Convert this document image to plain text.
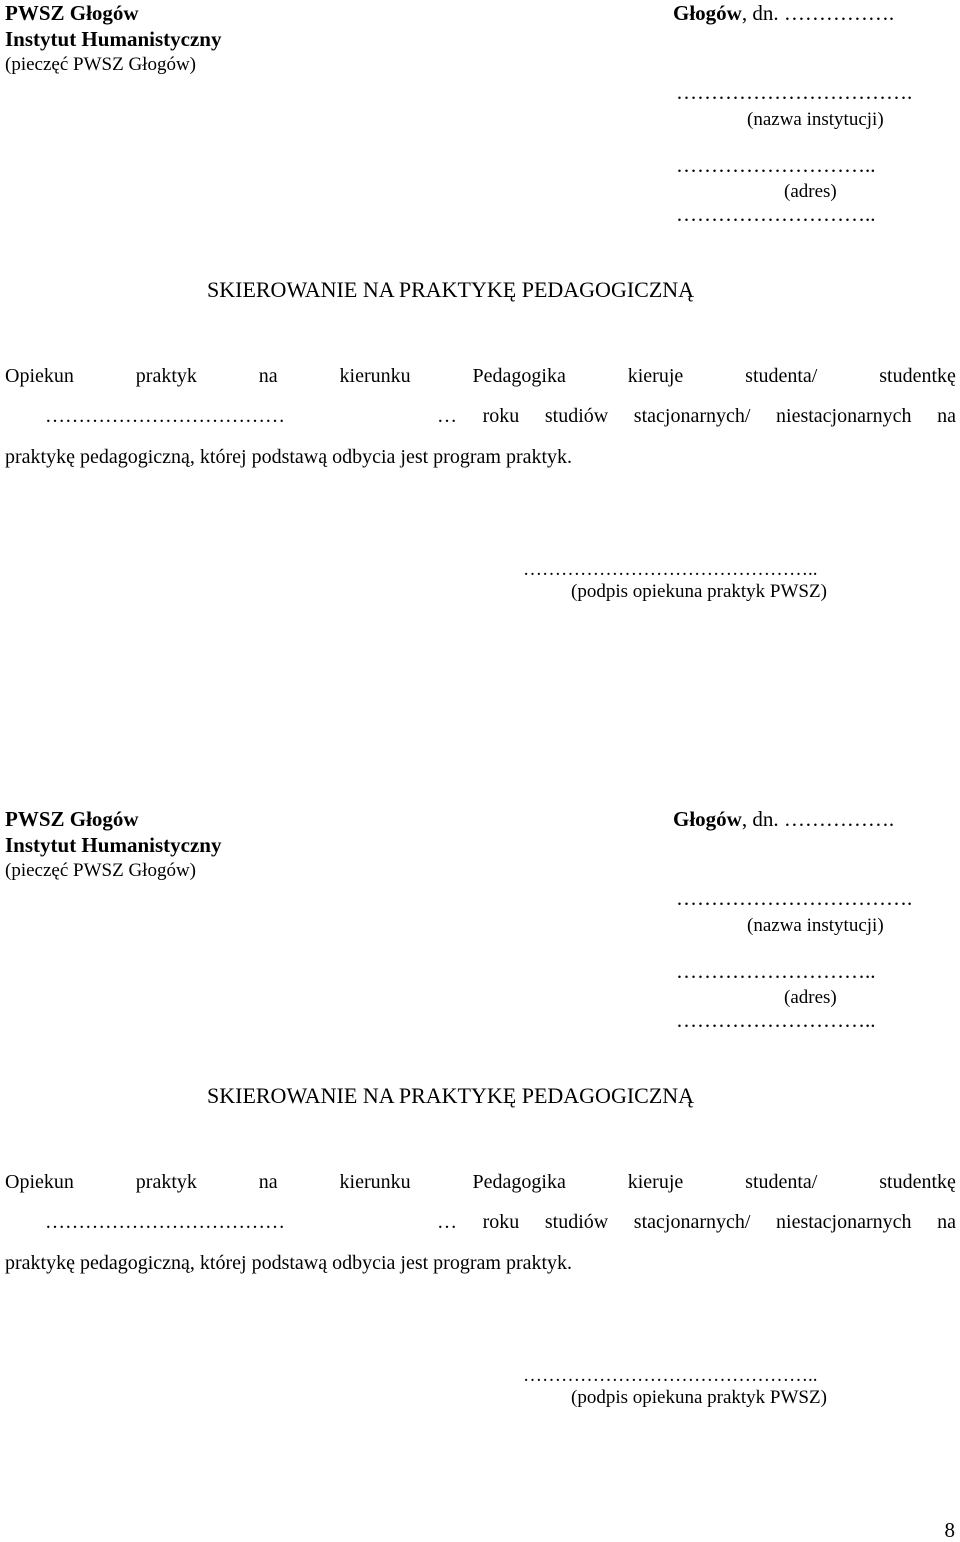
PWSZ Głogów
Instytut Humanistyczny
(pieczęć PWSZ Głogów)
Głogów, dn. …………….
…………………………….
(nazwa instytucji)
………………………..
(adres)
………………………..
SKIEROWANIE NA PRAKTYKĘ PEDAGOGICZNĄ
Opiekun	praktyk	na	kierunku	Pedagogika	kieruje	studenta/	studentkę
………………………………	… roku studiów stacjonarnych/ niestacjonarnych na
praktykę pedagogiczną, której podstawą odbycia jest program praktyk.
………………………………………..
(podpis opiekuna praktyk PWSZ)
PWSZ Głogów
Instytut Humanistyczny
(pieczęć PWSZ Głogów)
Głogów, dn. …………….
…………………………….
(nazwa instytucji)
………………………..
(adres)
………………………..
SKIEROWANIE NA PRAKTYKĘ PEDAGOGICZNĄ
Opiekun	praktyk	na	kierunku	Pedagogika	kieruje	studenta/	studentkę
………………………………	… roku studiów stacjonarnych/ niestacjonarnych na
praktykę pedagogiczną, której podstawą odbycia jest program praktyk.
………………………………………..
(podpis opiekuna praktyk PWSZ)
8
